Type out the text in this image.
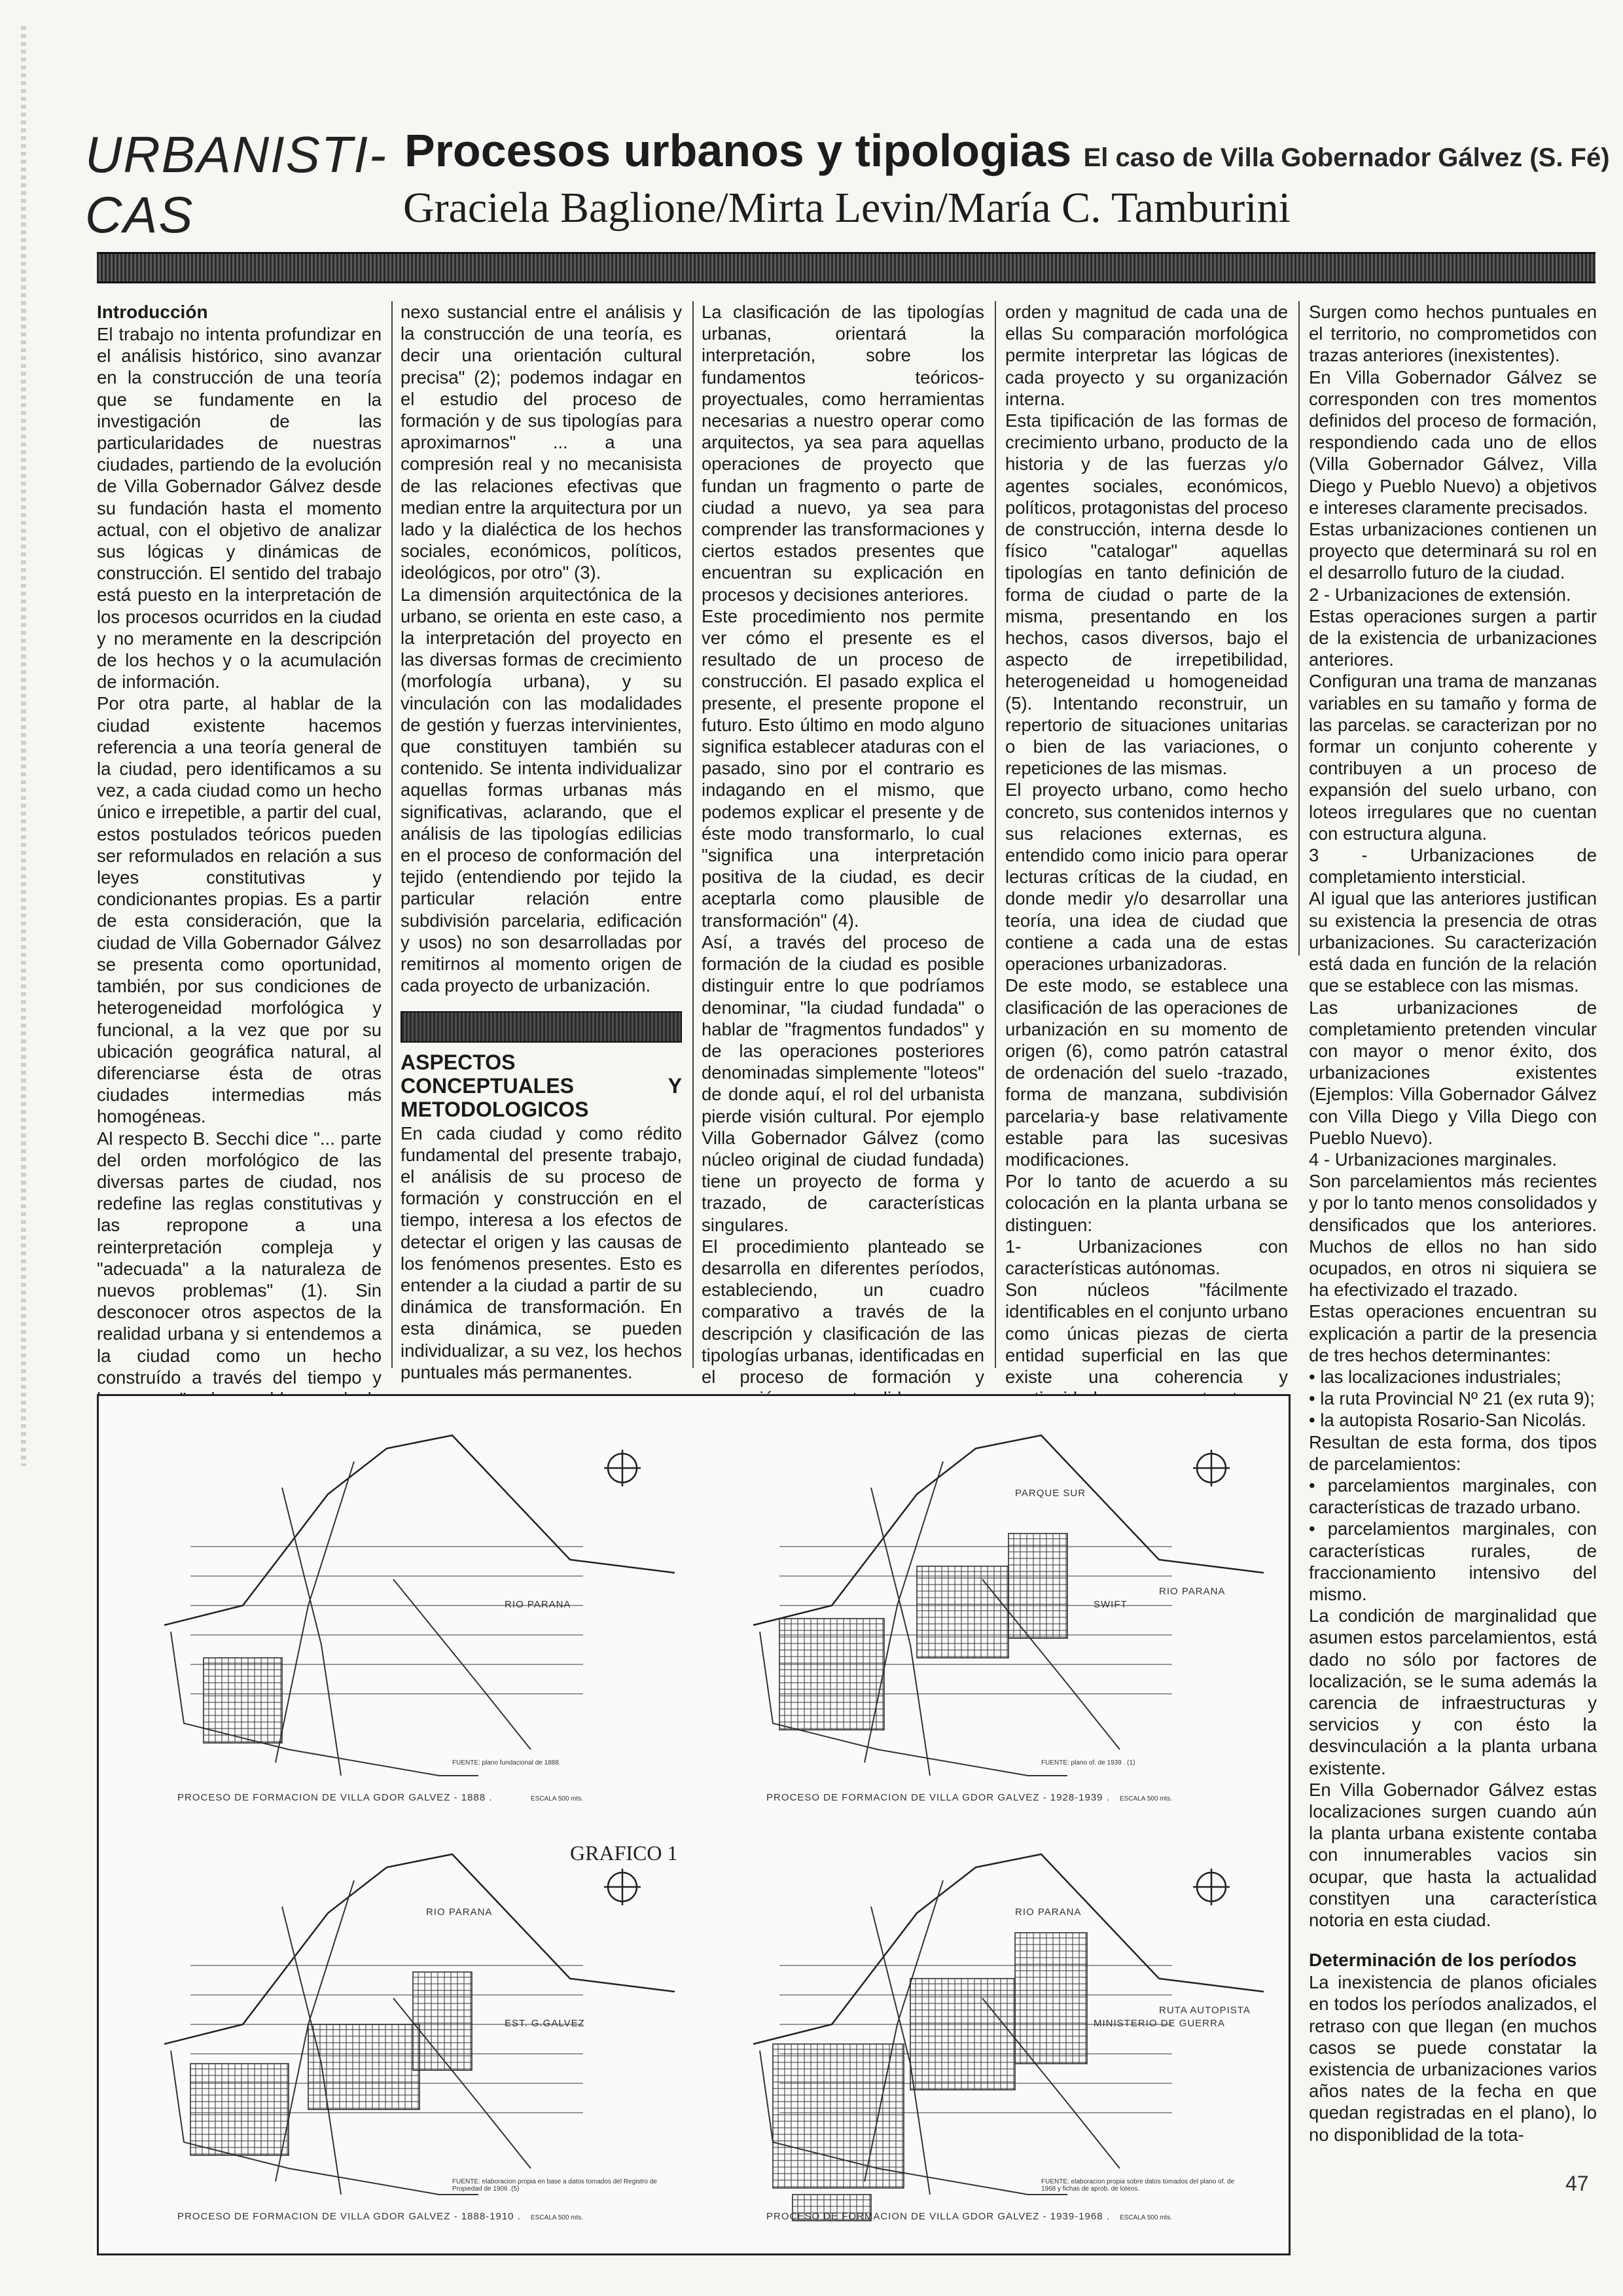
URBANISTI-
CAS
Procesos urbanos y tipologias El caso de Villa Gobernador Gálvez (S. Fé)
Graciela Baglione/Mirta Levin/María C. Tamburini
Introducción

El trabajo no intenta profundizar en el análisis histórico, sino avanzar en la construcción de una teoría que se fundamente en la investigación de las particularidades de nuestras ciudades, partiendo de la evolución de Villa Gobernador Gálvez desde su fundación hasta el momento actual, con el objetivo de analizar sus lógicas y dinámicas de construcción. El sentido del trabajo está puesto en la interpretación de los procesos ocurridos en la ciudad y no meramente en la descripción de los hechos y o la acumulación de información.

Por otra parte, al hablar de la ciudad existente hacemos referencia a una teoría general de la ciudad, pero identificamos a su vez, a cada ciudad como un hecho único e irrepetible, a partir del cual, estos postulados teóricos pueden ser reformulados en relación a sus leyes constitutivas y condicionantes propias. Es a partir de esta consideración, que la ciudad de Villa Gobernador Gálvez se presenta como oportunidad, también, por sus condiciones de heterogeneidad morfológica y funcional, a la vez que por su ubicación geográfica natural, al diferenciarse ésta de otras ciudades intermedias más homogéneas.

Al respecto B. Secchi dice "... parte del orden morfológico de las diversas partes de ciudad, nos redefine las reglas constitutivas y las repropone a una reinterpretación compleja y "adecuada" a la naturaleza de nuevos problemas" (1). Sin desconocer otros aspectos de la realidad urbana y si entendemos a la ciudad como un hecho construído a través del tiempo y

nexo sustancial entre el análisis y la construcción de una teoría, es decir una orientación cultural precisa" (2); podemos indagar en el estudio del proceso de formación y de sus tipologías para aproximarnos" ... a una compresión real y no mecanisista de las relaciones efectivas que median entre la arquitectura por un lado y la dialéctica de los hechos sociales, económicos, políticos, ideológicos, por otro" (3).

La dimensión arquitectónica de la urbano, se orienta en este caso, a la interpretación del proyecto en las diversas formas de crecimiento (morfología urbana), y su vinculación con las modalidades de gestión y fuerzas intervinientes, que constituyen también su contenido. Se intenta individualizar aquellas formas urbanas más significativas, aclarando, que el análisis de las tipologías edilicias en el proceso de conformación del tejido (entendiendo por tejido la particular relación entre subdivisión parcelaria, edificación y usos) no son desarrolladas por remitirnos al momento origen de cada proyecto de urbanización.

ASPECTOS CONCEPTUALES Y METODOLOGICOS

En cada ciudad y como rédito fundamental del presente trabajo, el análisis de su proceso de formación y construcción en el tiempo, interesa a los efectos de detectar el origen y las causas de los fenómenos presentes. Esto es entender a la ciudad a partir de su dinámica de transformación. En esta dinámica, se pueden individualizar, a su vez, los hechos puntuales más permanentes.

La clasificación de las tipologías urbanas, orientará la interpretación, sobre los fundamentos teóricos-proyectuales, como herramientas necesarias a nuestro operar como arquitectos, ya sea para aquellas operaciones de proyecto que fundan un fragmento o parte de ciudad a nuevo, ya sea para comprender las transformaciones y ciertos estados presentes que encuentran su explicación en procesos y decisiones anteriores.

Este procedimiento nos permite ver cómo el presente es el resultado de un proceso de construcción. El pasado explica el presente, el presente propone el futuro. Esto último en modo alguno significa establecer ataduras con el pasado, sino por el contrario es indagando en el mismo, que podemos explicar el presente y de éste modo transformarlo, lo cual "significa una interpretación positiva de la ciudad, es decir aceptarla como plausible de transformación" (4).

Así, a través del proceso de formación de la ciudad es posible distinguir entre lo que podríamos denominar, "la ciudad fundada" o hablar de "fragmentos fundados" y de las operaciones posteriores denominadas simplemente "loteos" de donde aquí, el rol del urbanista pierde visión cultural. Por ejemplo Villa Gobernador Gálvez (como núcleo original de ciudad fundada) tiene un proyecto de forma y trazado, de características singulares.

El procedimiento planteado se desarrolla en diferentes períodos, estableciendo, un cuadro comparativo a través de la descripción y clasificación de las tipologías urbanas, identificadas en el proceso de formación y

orden y magnitud de cada una de ellas Su comparación morfológica permite interpretar las lógicas de cada proyecto y su organización interna.

Esta tipificación de las formas de crecimiento urbano, producto de la historia y de las fuerzas y/o agentes sociales, económicos, políticos, protagonistas del proceso de construcción, interna desde lo físico "catalogar" aquellas tipologías en tanto definición de forma de ciudad o parte de la misma, presentando en los hechos, casos diversos, bajo el aspecto de irrepetibilidad, heterogeneidad u homogeneidad (5). Intentando reconstruir, un repertorio de situaciones unitarias o bien de las variaciones, o repeticiones de las mismas.

El proyecto urbano, como hecho concreto, sus contenidos internos y sus relaciones externas, es entendido como inicio para operar lecturas críticas de la ciudad, en donde medir y/o desarrollar una teoría, una idea de ciudad que contiene a cada una de estas operaciones urbanizadoras.

De este modo, se establece una clasificación de las operaciones de urbanización en su momento de origen (6), como patrón catastral de ordenación del suelo -trazado, forma de manzana, subdivisión parcelaria-y base relativamente estable para las sucesivas modificaciones.

Por lo tanto de acuerdo a su colocación en la planta urbana se distinguen:

1- Urbanizaciones con características autónomas.

Son núcleos "fácilmente identificables en el conjunto urbano como únicas piezas de cierta entidad superficial en las que existe una coherencia y

Surgen como hechos puntuales en el territorio, no comprometidos con trazas anteriores (inexistentes).

En Villa Gobernador Gálvez se corresponden con tres momentos definidos del proceso de formación, respondiendo cada uno de ellos (Villa Gobernador Gálvez, Villa Diego y Pueblo Nuevo) a objetivos e intereses claramente precisados.

Estas urbanizaciones contienen un proyecto que determinará su rol en el desarrollo futuro de la ciudad.

2 - Urbanizaciones de extensión.

Estas operaciones surgen a partir de la existencia de urbanizaciones anteriores.

Configuran una trama de manzanas variables en su tamaño y forma de las parcelas. se caracterizan por no formar un conjunto coherente y contribuyen a un proceso de expansión del suelo urbano, con loteos irregulares que no cuentan con estructura alguna.

3 - Urbanizaciones de completamiento intersticial.

Al igual que las anteriores justifican su existencia la presencia de otras urbanizaciones. Su caracterización está dada en función de la relación que se establece con las mismas.

Las urbanizaciones de completamiento pretenden vincular con mayor o menor éxito, dos urbanizaciones existentes (Ejemplos: Villa Gobernador Gálvez con Villa Diego y Villa Diego con Pueblo Nuevo).

4 - Urbanizaciones marginales.

Son parcelamientos más recientes y por lo tanto menos consolidados y densificados que los anteriores. Muchos de ellos no han sido ocupados, en otros ni siquiera se ha efectivizado el trazado.

Estas operaciones encuentran su explicación a partir de la presencia de tres hechos determinantes:

• las localizaciones industriales;

• la ruta Provincial Nº 21 (ex ruta 9);

• la autopista Rosario-San Nicolás.

Resultan de esta forma, dos tipos de parcelamientos:

• parcelamientos marginales, con características de trazado urbano.

• parcelamientos marginales, con características rurales, de fraccionamiento intensivo del mismo.

La condición de marginalidad que asumen estos parcelamientos, está dado no sólo por factores de localización, se le suma además la carencia de infraestructuras y servicios y con ésto la desvinculación a la planta urbana existente.

En Villa Gobernador Gálvez estas localizaciones surgen cuando aún la planta urbana existente contaba con innumerables vacios sin ocupar, que hasta la actualidad constityen una característica notoria en esta ciudad.

Determinación de los períodos

La inexistencia de planos oficiales en todos los períodos analizados, el retraso con que llegan (en muchos casos se puede constatar la existencia de urbanizaciones varios años nates de la fecha en que quedan registradas en el plano), lo no disponiblidad de la tota-

GRAFICO 1
RIO PARANA
FUENTE: plano fundacional de 1888.
PROCESO DE FORMACION DE VILLA GDOR GALVEZ - 1888 .	ESCALA 500 mts.
SWIFT
PARQUE SUR
RIO PARANA
FUENTE: plano of. de 1939 . (1)
PROCESO DE FORMACION DE VILLA GDOR GALVEZ - 1928-1939 . ESCALA 500 mts.
EST. G.GALVEZ
RIO PARANA
FUENTE: elaboracion propia en base a datos tomados del Registro de Propiedad de 1906 .(5)
PROCESO DE FORMACION DE VILLA GDOR GALVEZ - 1888-1910 . ESCALA 500 mts.
MINISTERIO DE GUERRA
RIO PARANA
RUTA AUTOPISTA
FUENTE: elaboracion propia sobre datos tomados del plano of. de 1968 y fichas de aprob. de loteos.
PROCESO DE FORMACION DE VILLA GDOR GALVEZ - 1939-1968 . ESCALA 500 mts.
47
